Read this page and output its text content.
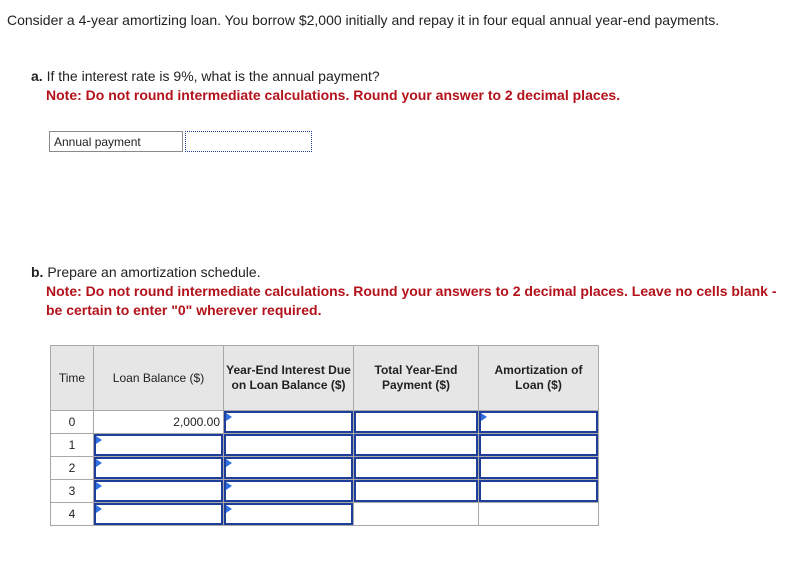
Consider a 4-year amortizing loan. You borrow $2,000 initially and repay it in four equal annual year-end payments.
a. If the interest rate is 9%, what is the annual payment?
Note: Do not round intermediate calculations. Round your answer to 2 decimal places.
Annual payment
b. Prepare an amortization schedule.
Note: Do not round intermediate calculations. Round your answers to 2 decimal places. Leave no cells blank - be certain to enter "0" wherever required.
Time	Loan Balance ($)	Year-End Interest Due on Loan Balance ($)	Total Year-End Payment ($)	Amortization of Loan ($)
0	2,000.00			

1	

2	

3	

4	
